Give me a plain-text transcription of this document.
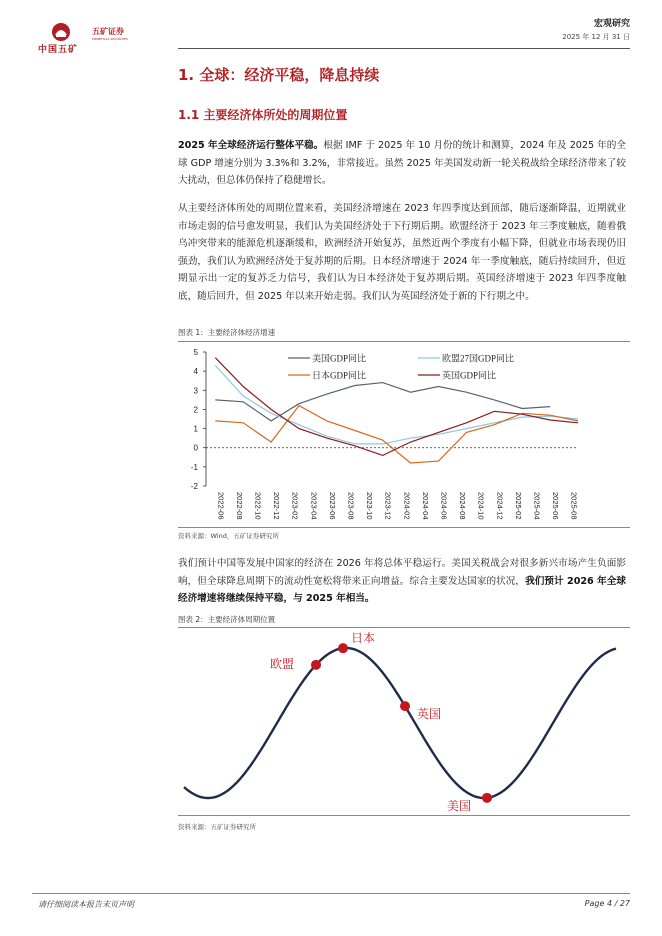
中国五矿
五矿证券
MINMETALS SECURITIES
宏观研究
2025 年 12 月 31 日
1. 全球：经济平稳，降息持续
1.1 主要经济体所处的周期位置
2025 年全球经济运行整体平稳。根据 IMF 于 2025 年 10 月份的统计和测算，2024 年及 2025 年的全球 GDP 增速分别为 3.3%和 3.2%，非常接近。虽然 2025 年美国发动新一轮关税战给全球经济带来了较大扰动，但总体仍保持了稳健增长。
从主要经济体所处的周期位置来看，美国经济增速在 2023 年四季度达到顶部，随后逐渐降温，近期就业市场走弱的信号愈发明显，我们认为美国经济处于下行期后期。欧盟经济于 2023 年三季度触底，随着俄乌冲突带来的能源危机逐渐缓和，欧洲经济开始复苏，虽然近两个季度有小幅下降，但就业市场表现仍旧强劲，我们认为欧洲经济处于复苏期的后期。日本经济增速于 2024 年一季度触底，随后持续回升，但近期显示出一定的复苏乏力信号，我们认为日本经济处于复苏期后期。英国经济增速于 2023 年四季度触底，随后回升，但 2025 年以来开始走弱。我们认为英国经济处于新的下行期之中。
图表 1：主要经济体经济增速
5
4
3
2
1
0
-1
-2
2022-06 2022-08 2022-10 2022-12 2023-02 2023-04 2023-06 2023-08 2023-10 2023-12 2024-02 2024-04 2024-06 2024-08 2024-10 2024-12 2025-02 2025-04 2025-06 2025-08
美国GDP同比	欧盟27国GDP同比
日本GDP同比	英国GDP同比
资料来源：Wind，五矿证券研究所
我们预计中国等发展中国家的经济在 2026 年将总体平稳运行。美国关税战会对很多新兴市场产生负面影响，但全球降息周期下的流动性宽松将带来正向增益。综合主要发达国家的状况，我们预计 2026 年全球经济增速将继续保持平稳，与 2025 年相当。
图表 2：主要经济体周期位置
欧盟
日本
英国
美国
资料来源：五矿证券研究所
请仔细阅读本报告末页声明	Page 4 / 27
